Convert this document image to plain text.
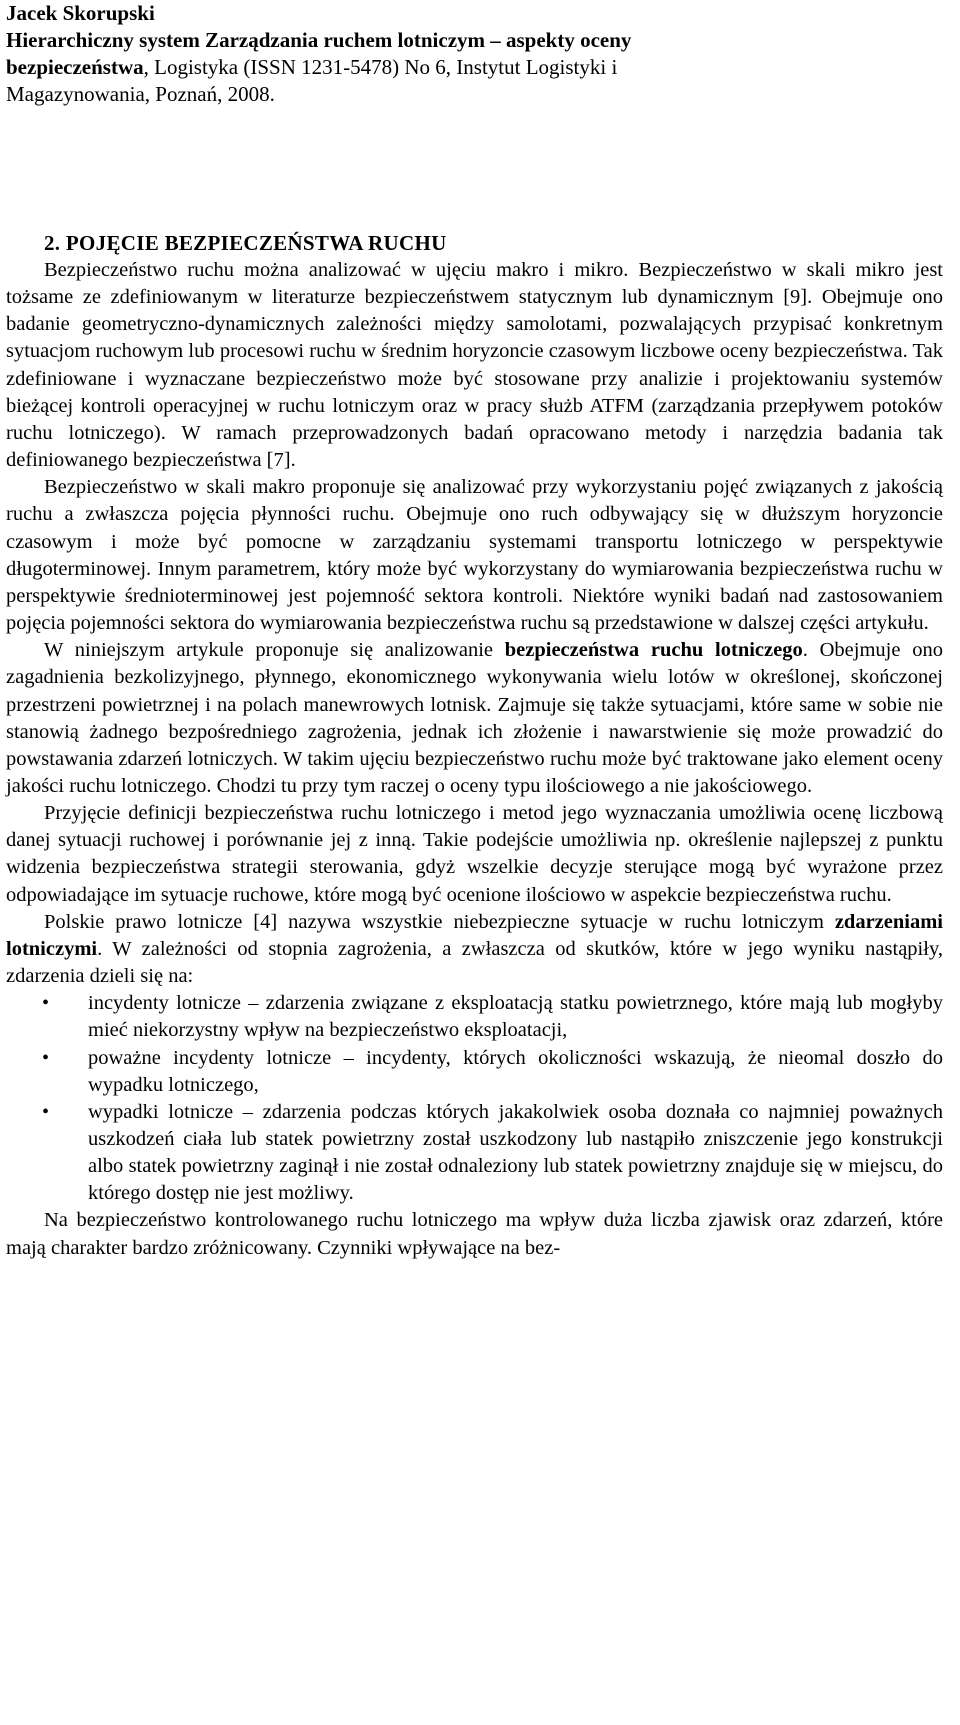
Jacek Skorupski
Hierarchiczny system Zarządzania ruchem lotniczym – aspekty oceny
bezpieczeństwa, Logistyka (ISSN 1231-5478) No 6, Instytut Logistyki i
Magazynowania, Poznań, 2008.
2. POJĘCIE BEZPIECZEŃSTWA RUCHU

Bezpieczeństwo ruchu można analizować w ujęciu makro i mikro. Bezpieczeństwo w skali mikro jest tożsame ze zdefiniowanym w literaturze bezpieczeństwem statycznym lub dynamicznym [9]. Obejmuje ono badanie geometryczno-dynamicznych zależności między samolotami, pozwalających przypisać konkretnym sytuacjom ruchowym lub procesowi ruchu w średnim horyzoncie czasowym liczbowe oceny bezpieczeństwa. Tak zdefiniowane i wyznaczane bezpieczeństwo może być stosowane przy analizie i projektowaniu systemów bieżącej kontroli operacyjnej w ruchu lotniczym oraz w pracy służb ATFM (zarządzania przepływem potoków ruchu lotniczego). W ramach przeprowadzonych badań opracowano metody i narzędzia badania tak definiowanego bezpieczeństwa [7].

Bezpieczeństwo w skali makro proponuje się analizować przy wykorzystaniu pojęć związanych z jakością ruchu a zwłaszcza pojęcia płynności ruchu. Obejmuje ono ruch odbywający się w dłuższym horyzoncie czasowym i może być pomocne w zarządzaniu systemami transportu lotniczego w perspektywie długoterminowej. Innym parametrem, który może być wykorzystany do wymiarowania bezpieczeństwa ruchu w perspektywie średnioterminowej jest pojemność sektora kontroli. Niektóre wyniki badań nad zastosowaniem pojęcia pojemności sektora do wymiarowania bezpieczeństwa ruchu są przedstawione w dalszej części artykułu.

W niniejszym artykule proponuje się analizowanie bezpieczeństwa ruchu lotniczego. Obejmuje ono zagadnienia bezkolizyjnego, płynnego, ekonomicznego wykonywania wielu lotów w określonej, skończonej przestrzeni powietrznej i na polach manewrowych lotnisk. Zajmuje się także sytuacjami, które same w sobie nie stanowią żadnego bezpośredniego zagrożenia, jednak ich złożenie i nawarstwienie się może prowadzić do powstawania zdarzeń lotniczych. W takim ujęciu bezpieczeństwo ruchu może być traktowane jako element oceny jakości ruchu lotniczego. Chodzi tu przy tym raczej o oceny typu ilościowego a nie jakościowego.

Przyjęcie definicji bezpieczeństwa ruchu lotniczego i metod jego wyznaczania umożliwia ocenę liczbową danej sytuacji ruchowej i porównanie jej z inną. Takie podejście umożliwia np. określenie najlepszej z punktu widzenia bezpieczeństwa strategii sterowania, gdyż wszelkie decyzje sterujące mogą być wyrażone przez odpowiadające im sytuacje ruchowe, które mogą być ocenione ilościowo w aspekcie bezpieczeństwa ruchu.

Polskie prawo lotnicze [4] nazywa wszystkie niebezpieczne sytuacje w ruchu lotniczym zdarzeniami lotniczymi. W zależności od stopnia zagrożenia, a zwłaszcza od skutków, które w jego wyniku nastąpiły, zdarzenia dzieli się na:

• incydenty lotnicze – zdarzenia związane z eksploatacją statku powietrznego, które mają lub mogłyby mieć niekorzystny wpływ na bezpieczeństwo eksploatacji,
• poważne incydenty lotnicze – incydenty, których okoliczności wskazują, że nieomal doszło do wypadku lotniczego,
• wypadki lotnicze – zdarzenia podczas których jakakolwiek osoba doznała co najmniej poważnych uszkodzeń ciała lub statek powietrzny został uszkodzony lub nastąpiło zniszczenie jego konstrukcji albo statek powietrzny zaginął i nie został odnaleziony lub statek powietrzny znajduje się w miejscu, do którego dostęp nie jest możliwy.

Na bezpieczeństwo kontrolowanego ruchu lotniczego ma wpływ duża liczba zjawisk oraz zdarzeń, które mają charakter bardzo zróżnicowany. Czynniki wpływające na bez-
